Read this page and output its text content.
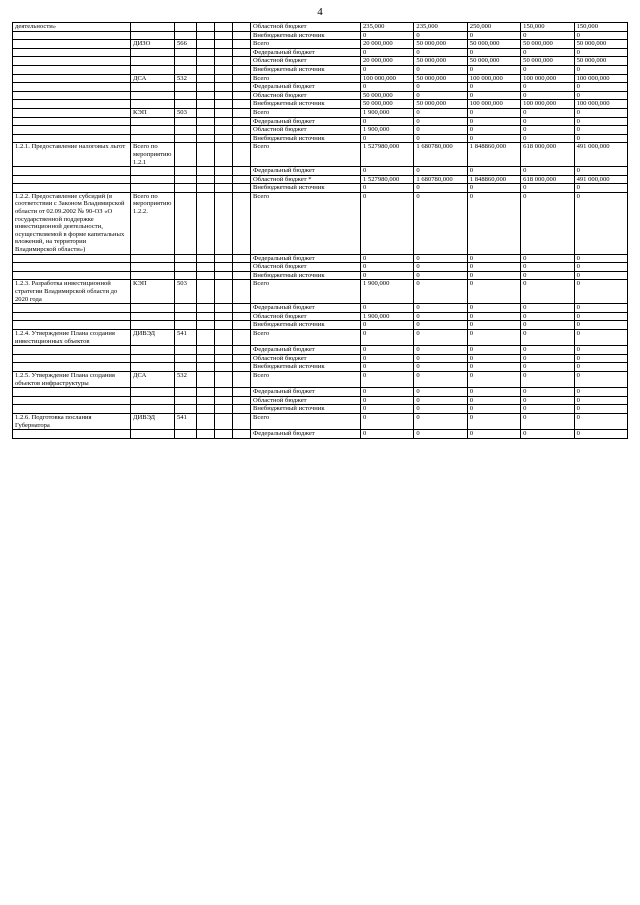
4
деятельности»						Областной бюджет	235,000	235,000	250,000	150,000	150,000
						Внебюджетный источник	0	0	0	0	0
	ДИЗО	566				Всего	20 000,000	50 000,000	50 000,000	50 000,000	50 000,000
						Федеральный бюджет	0	0	0	0	0
						Областной бюджет	20 000,000	50 000,000	50 000,000	50 000,000	50 000,000
						Внебюджетный источник	0	0	0	0	0
	ДСА	532				Всего	100 000,000	50 000,000	100 000,000	100 000,000	100 000,000
						Федеральный бюджет	0	0	0	0	0
						Областной бюджет	50 000,000	0	0	0	0
						Внебюджетный источник	50 000,000	50 000,000	100 000,000	100 000,000	100 000,000
	КЭП	503				Всего	1 900,000	0	0	0	0
						Федеральный бюджет	0	0	0	0	0
						Областной бюджет	1 900,000	0	0	0	0
						Внебюджетный источник	0	0	0	0	0
1.2.1. Предоставление налоговых льгот	Всего по мероприятию 1.2.1					Всего	1 527980,000	1 680780,000	1 848860,000	618 000,000	491 000,000
						Федеральный бюджет	0	0	0	0	0
						Областной бюджет *	1 527980,000	1 680780,000	1 848860,000	618 000,000	491 000,000
						Внебюджетный источник	0	0	0	0	0
1.2.2. Предоставление субсидий (в соответствии с Законом Владимирской области от 02.09.2002 № 90-ОЗ «О государственной поддержке инвестиционной деятельности, осуществляемой в форме капитальных вложений, на территории Владимирской области»)	Всего по мероприятию 1.2.2.					Всего	0	0	0	0	0
						Федеральный бюджет	0	0	0	0	0
						Областной бюджет	0	0	0	0	0
						Внебюджетный источник	0	0	0	0	0
1.2.3. Разработка инвестиционной стратегии Владимирской области до 2020 года	КЭП	503				Всего	1 900,000	0	0	0	0
						Федеральный бюджет	0	0	0	0	0
						Областной бюджет	1 900,000	0	0	0	0
						Внебюджетный источник	0	0	0	0	0
1.2.4. Утверждение Плана создания инвестиционных объектов	ДИВЭД	541				Всего	0	0	0	0	0
						Федеральный бюджет	0	0	0	0	0
						Областной бюджет	0	0	0	0	0
						Внебюджетный источник	0	0	0	0	0
1.2.5. Утверждение Плана создания объектов инфраструктуры	ДСА	532				Всего	0	0	0	0	0
						Федеральный бюджет	0	0	0	0	0
						Областной бюджет	0	0	0	0	0
						Внебюджетный источник	0	0	0	0	0
1.2.6. Подготовка послания Губернатора	ДИВЭД	541				Всего	0	0	0	0	0
						Федеральный бюджет	0	0	0	0	0
